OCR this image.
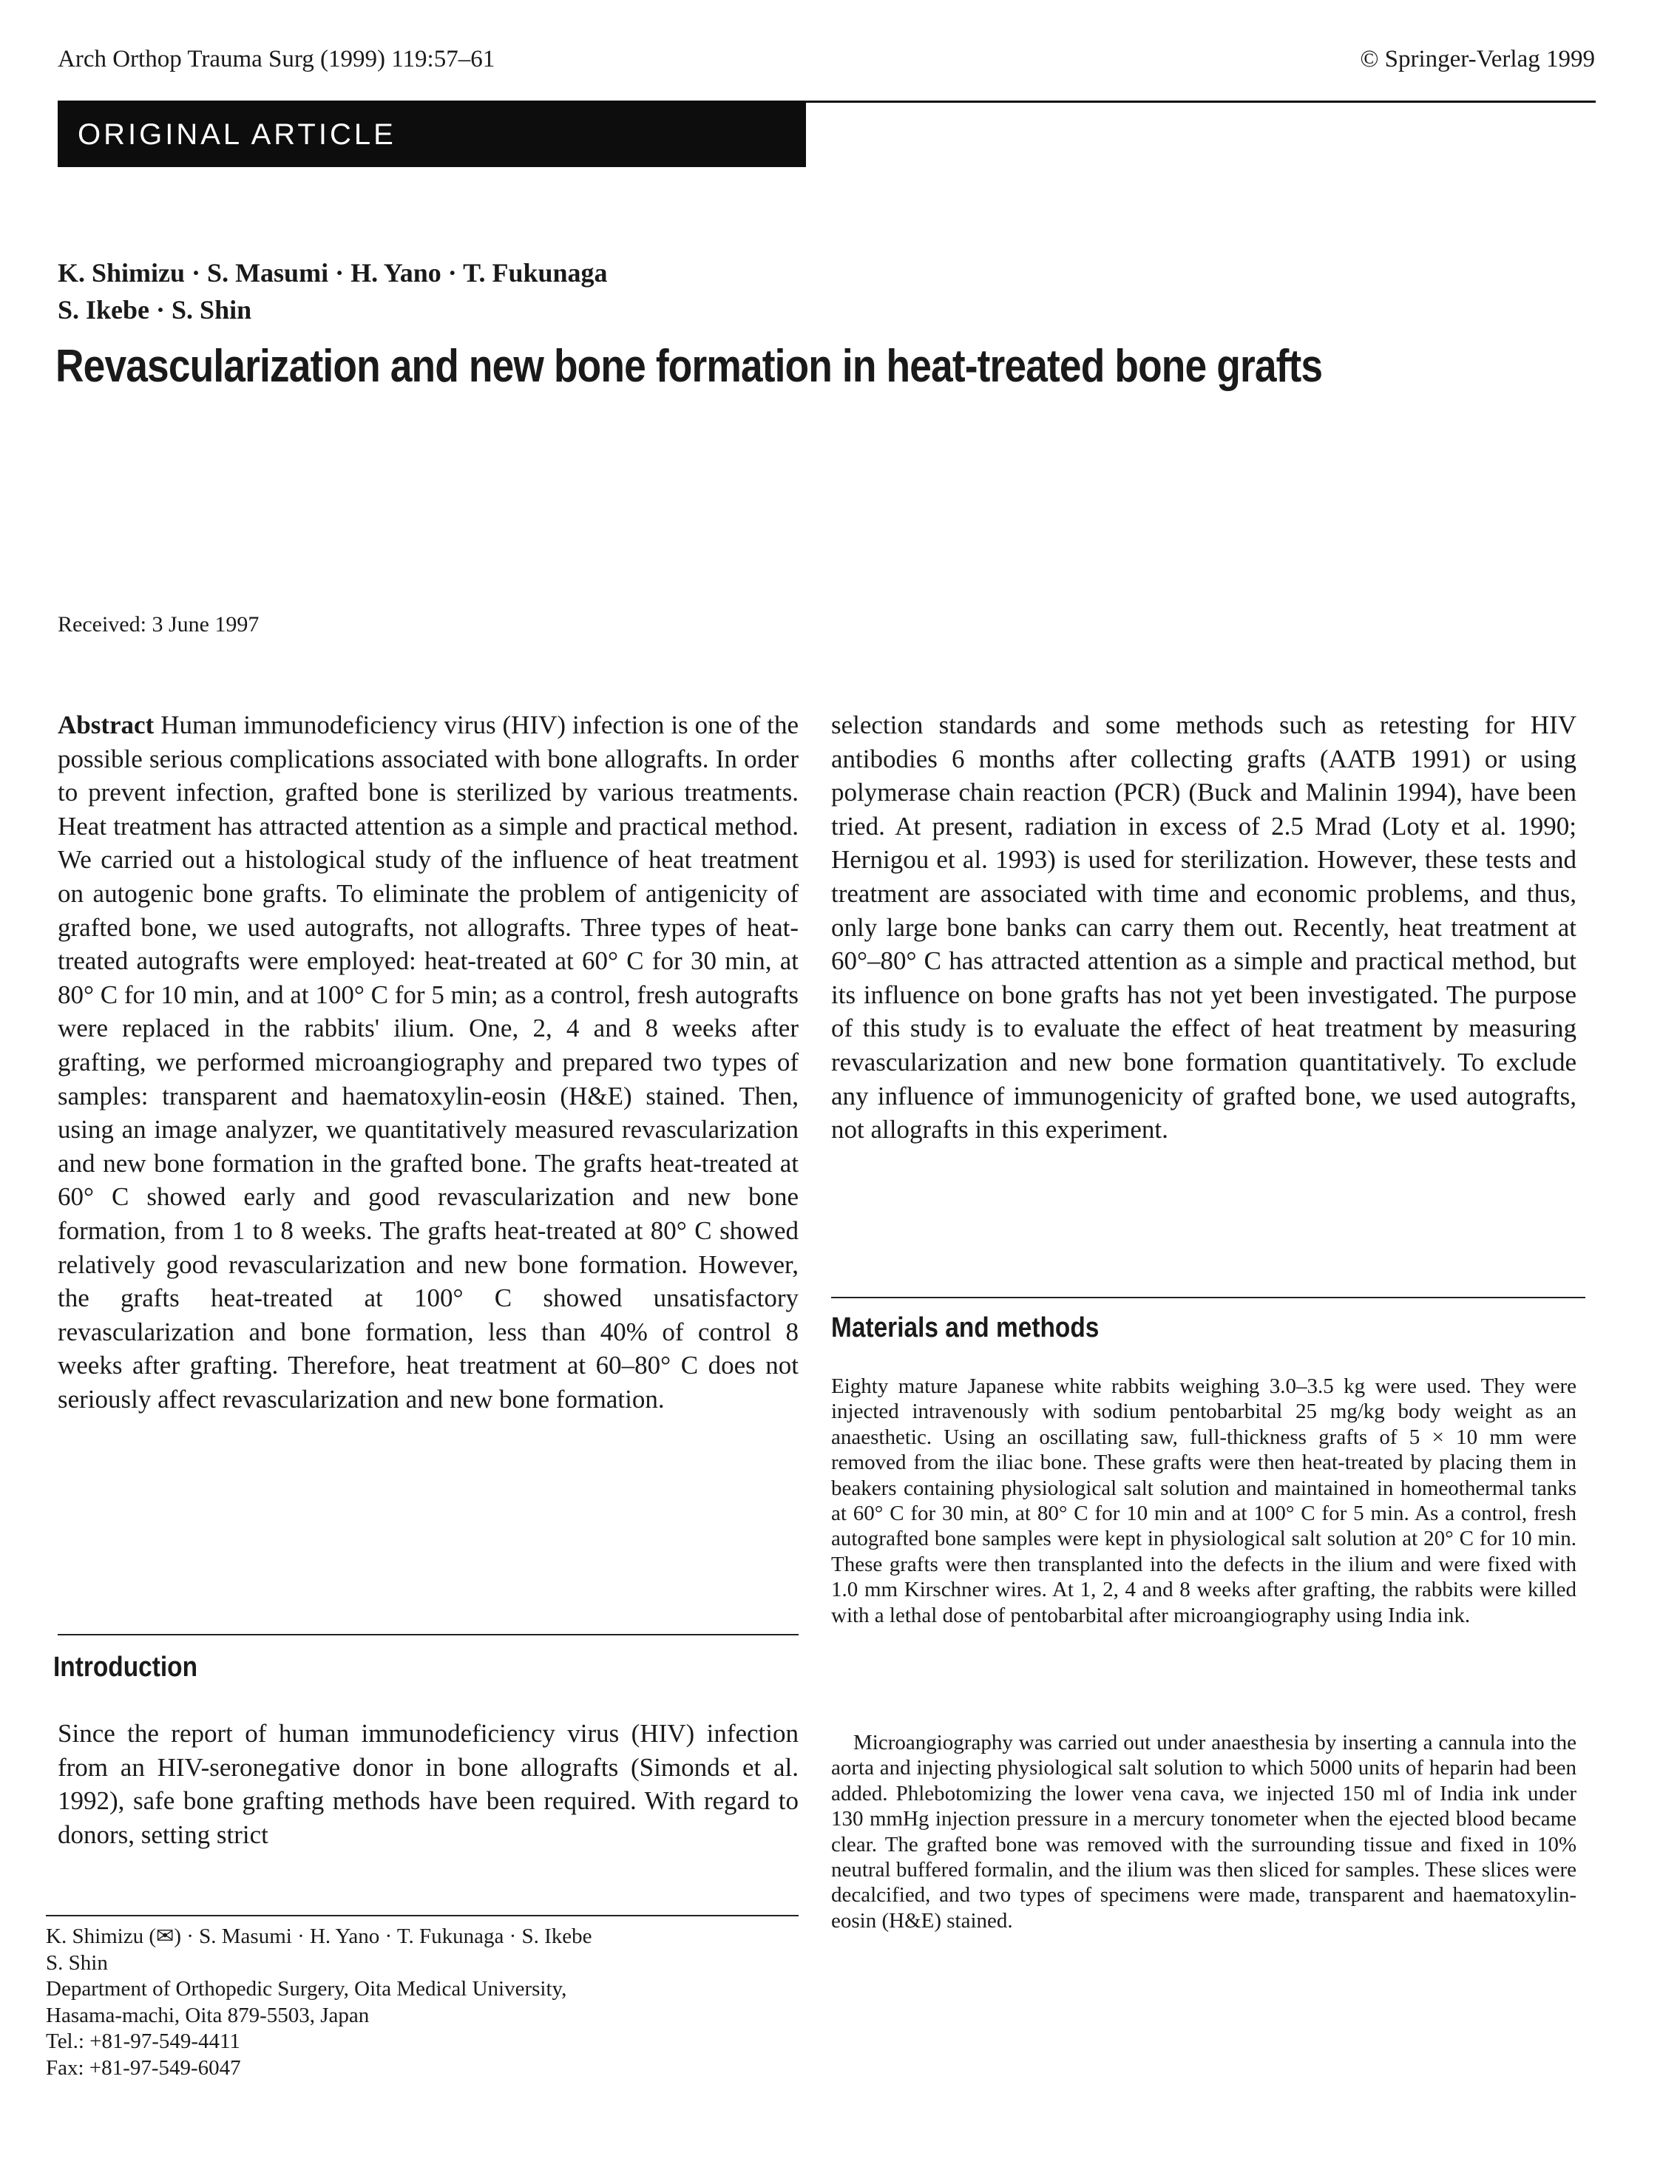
Arch Orthop Trauma Surg (1999) 119:57–61	© Springer-Verlag 1999
ORIGINAL ARTICLE
K. Shimizu · S. Masumi · H. Yano · T. Fukunaga
S. Ikebe · S. Shin
Revascularization and new bone formation in heat-treated bone grafts
Received: 3 June 1997
Abstract Human immunodeficiency virus (HIV) infection is one of the possible serious complications associated with bone allografts. In order to prevent infection, grafted bone is sterilized by various treatments. Heat treatment has attracted attention as a simple and practical method. We carried out a histological study of the influence of heat treatment on autogenic bone grafts. To eliminate the problem of antigenicity of grafted bone, we used autografts, not allografts. Three types of heat-treated autografts were employed: heat-treated at 60° C for 30 min, at 80° C for 10 min, and at 100° C for 5 min; as a control, fresh autografts were replaced in the rabbits' ilium. One, 2, 4 and 8 weeks after grafting, we performed microangiography and prepared two types of samples: transparent and haematoxylin-eosin (H&E) stained. Then, using an image analyzer, we quantitatively measured revascularization and new bone formation in the grafted bone. The grafts heat-treated at 60° C showed early and good revascularization and new bone formation, from 1 to 8 weeks. The grafts heat-treated at 80° C showed relatively good revascularization and new bone formation. However, the grafts heat-treated at 100° C showed unsatisfactory revascularization and bone formation, less than 40% of control 8 weeks after grafting. Therefore, heat treatment at 60–80° C does not seriously affect revascularization and new bone formation.
Introduction
Since the report of human immunodeficiency virus (HIV) infection from an HIV-seronegative donor in bone allografts (Simonds et al. 1992), safe bone grafting methods have been required. With regard to donors, setting strict
K. Shimizu (✉) · S. Masumi · H. Yano · T. Fukunaga · S. Ikebe
S. Shin
Department of Orthopedic Surgery, Oita Medical University,
Hasama-machi, Oita 879-5503, Japan
Tel.: +81-97-549-4411
Fax: +81-97-549-6047
selection standards and some methods such as retesting for HIV antibodies 6 months after collecting grafts (AATB 1991) or using polymerase chain reaction (PCR) (Buck and Malinin 1994), have been tried. At present, radiation in excess of 2.5 Mrad (Loty et al. 1990; Hernigou et al. 1993) is used for sterilization. However, these tests and treatment are associated with time and economic problems, and thus, only large bone banks can carry them out. Recently, heat treatment at 60°–80° C has attracted attention as a simple and practical method, but its influence on bone grafts has not yet been investigated. The purpose of this study is to evaluate the effect of heat treatment by measuring revascularization and new bone formation quantitatively. To exclude any influence of immunogenicity of grafted bone, we used autografts, not allografts in this experiment.
Materials and methods
Eighty mature Japanese white rabbits weighing 3.0–3.5 kg were used. They were injected intravenously with sodium pentobarbital 25 mg/kg body weight as an anaesthetic. Using an oscillating saw, full-thickness grafts of 5 × 10 mm were removed from the iliac bone. These grafts were then heat-treated by placing them in beakers containing physiological salt solution and maintained in homeothermal tanks at 60° C for 30 min, at 80° C for 10 min and at 100° C for 5 min. As a control, fresh autografted bone samples were kept in physiological salt solution at 20° C for 10 min. These grafts were then transplanted into the defects in the ilium and were fixed with 1.0 mm Kirschner wires. At 1, 2, 4 and 8 weeks after grafting, the rabbits were killed with a lethal dose of pentobarbital after microangiography using India ink.
Microangiography was carried out under anaesthesia by inserting a cannula into the aorta and injecting physiological salt solution to which 5000 units of heparin had been added. Phlebotomizing the lower vena cava, we injected 150 ml of India ink under 130 mmHg injection pressure in a mercury tonometer when the ejected blood became clear. The grafted bone was removed with the surrounding tissue and fixed in 10% neutral buffered formalin, and the ilium was then sliced for samples. These slices were decalcified, and two types of specimens were made, transparent and haematoxylin-eosin (H&E) stained.
